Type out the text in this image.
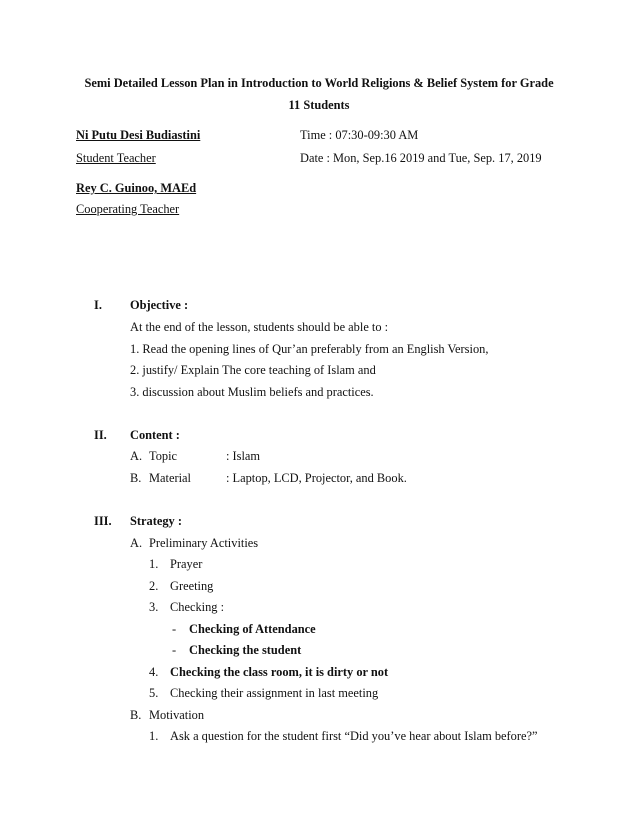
Semi Detailed Lesson Plan in Introduction to World Religions & Belief System for Grade
11 Students
Ni Putu Desi Budiastini	Time : 07:30-09:30 AM
Student Teacher	Date : Mon, Sep.16 2019 and Tue, Sep. 17, 2019
Rey C. Guinoo, MAEd
Cooperating Teacher
I. Objective :
At the end of the lesson, students should be able to :
1. Read the opening lines of Qur’an preferably from an English Version,
2. justify/ Explain The core teaching of Islam and
3. discussion about Muslim beliefs and practices.
II. Content :
A. Topic	: Islam
B. Material	: Laptop, LCD, Projector, and Book.
III. Strategy :
A. Preliminary Activities
1. Prayer
2. Greeting
3. Checking :
- Checking of Attendance
- Checking the student
4. Checking the class room, it is dirty or not
5. Checking their assignment in last meeting
B. Motivation
1. Ask a question for the student first “Did you’ve hear about Islam before?”
